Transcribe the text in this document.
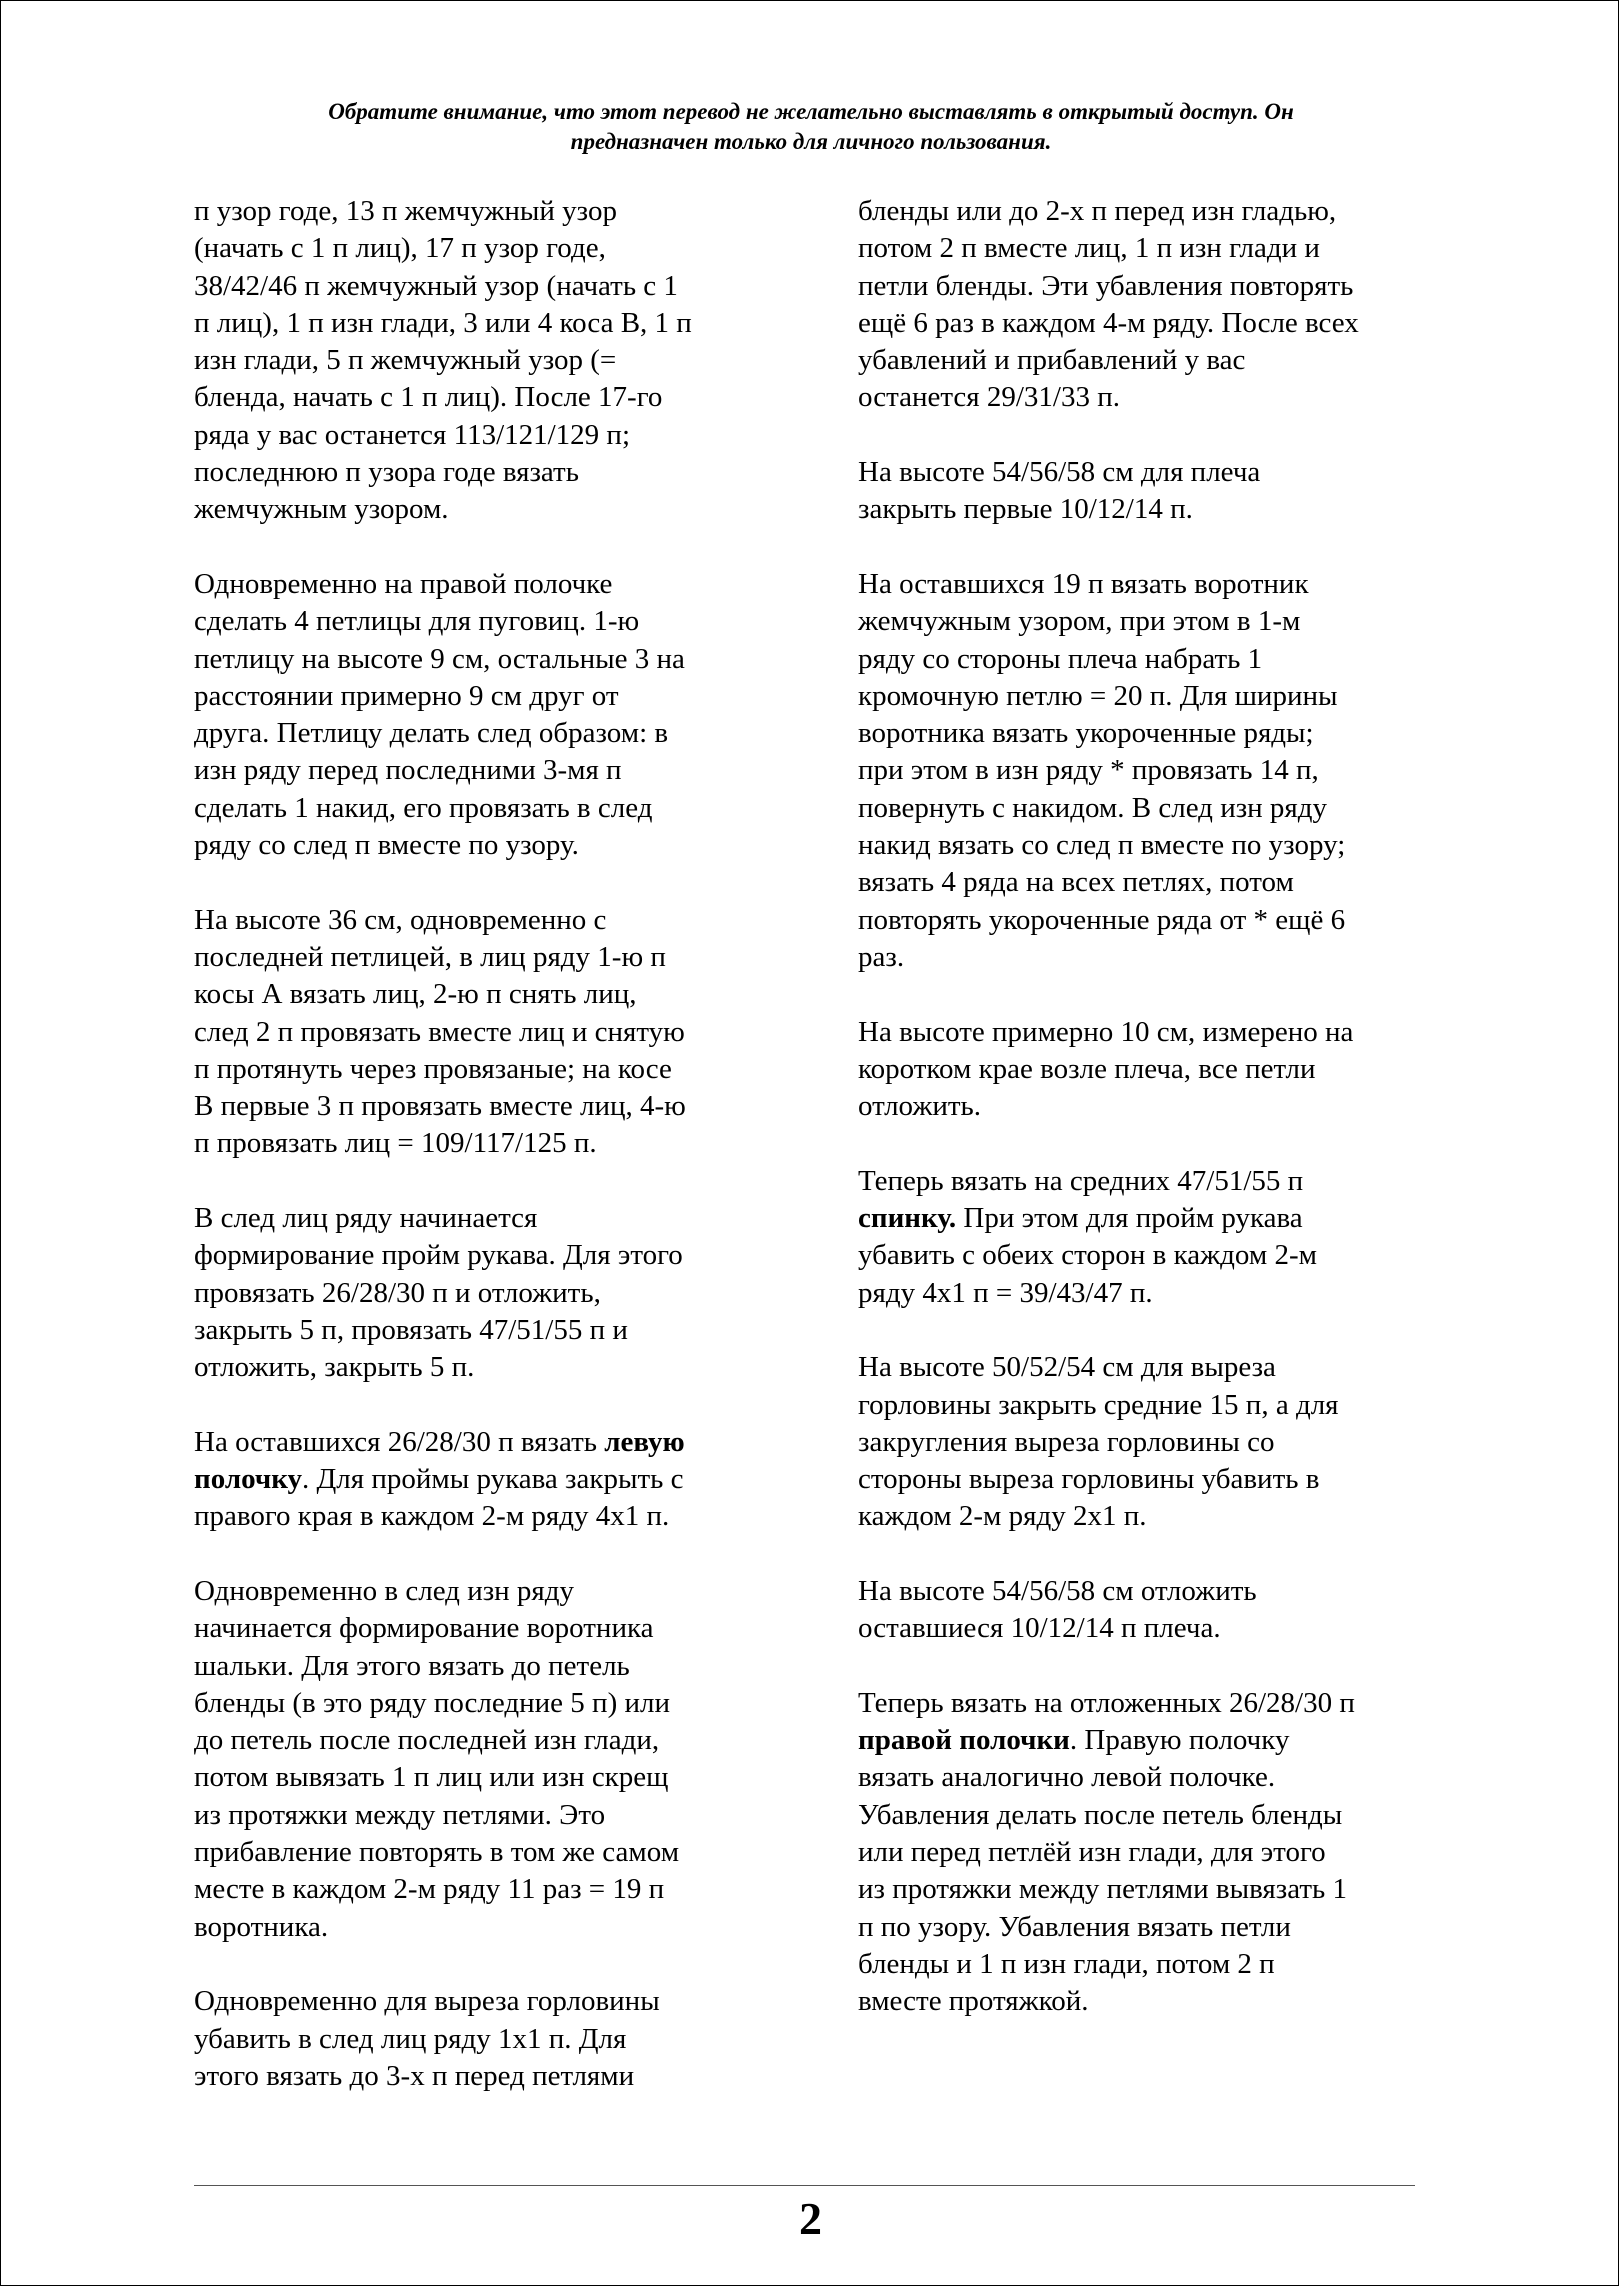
Обратите внимание, что этот перевод не желательно выставлять в открытый доступ. Он
предназначен только для личного пользования.

п узор годе, 13 п жемчужный узор
(начать с 1 п лиц), 17 п узор годе,
38/42/46 п жемчужный узор (начать с 1
п лиц), 1 п изн глади, 3 или 4 коса В, 1 п
изн глади, 5 п жемчужный узор (=
бленда, начать с 1 п лиц). После 17-го
ряда у вас останется 113/121/129 п;
последнюю п узора годе вязать
жемчужным узором.

Одновременно на правой полочке
сделать 4 петлицы для пуговиц. 1-ю
петлицу на высоте 9 см, остальные 3 на
расстоянии примерно 9 см друг от
друга. Петлицу делать след образом: в
изн ряду перед последними 3-мя п
сделать 1 накид, его провязать в след
ряду со след п вместе по узору.

На высоте 36 см, одновременно с
последней петлицей, в лиц ряду 1-ю п
косы А вязать лиц, 2-ю п снять лиц,
след 2 п провязать вместе лиц и снятую
п протянуть через провязаные; на косе
В первые 3 п провязать вместе лиц, 4-ю
п провязать лиц = 109/117/125 п.

В след лиц ряду начинается
формирование пройм рукава. Для этого
провязать 26/28/30 п и отложить,
закрыть 5 п, провязать 47/51/55 п и
отложить, закрыть 5 п.

На оставшихся 26/28/30 п вязать левую
полочку. Для проймы рукава закрыть с
правого края в каждом 2-м ряду 4х1 п.

Одновременно в след изн ряду
начинается формирование воротника
шальки. Для этого вязать до петель
бленды (в это ряду последние 5 п) или
до петель после последней изн глади,
потом вывязать 1 п лиц или изн скрещ
из протяжки между петлями. Это
прибавление повторять в том же самом
месте в каждом 2-м ряду 11 раз = 19 п
воротника.

Одновременно для выреза горловины
убавить в след лиц ряду 1х1 п. Для
этого вязать до 3-х п перед петлями

бленды или до 2-х п перед изн гладью,
потом 2 п вместе лиц, 1 п изн глади и
петли бленды. Эти убавления повторять
ещё 6 раз в каждом 4-м ряду. После всех
убавлений и прибавлений у вас
останется 29/31/33 п.

На высоте 54/56/58 см для плеча
закрыть первые 10/12/14 п.

На оставшихся 19 п вязать воротник
жемчужным узором, при этом в 1-м
ряду со стороны плеча набрать 1
кромочную петлю = 20 п. Для ширины
воротника вязать укороченные ряды;
при этом в изн ряду * провязать 14 п,
повернуть с накидом. В след изн ряду
накид вязать со след п вместе по узору;
вязать 4 ряда на всех петлях, потом
повторять укороченные ряда от * ещё 6
раз.

На высоте примерно 10 см, измерено на
коротком крае возле плеча, все петли
отложить.

Теперь вязать на средних 47/51/55 п
спинку. При этом для пройм рукава
убавить с обеих сторон в каждом 2-м
ряду 4х1 п = 39/43/47 п.

На высоте 50/52/54 см для выреза
горловины закрыть средние 15 п, а для
закругления выреза горловины со
стороны выреза горловины убавить в
каждом 2-м ряду 2х1 п.

На высоте 54/56/58 см отложить
оставшиеся 10/12/14 п плеча.

Теперь вязать на отложенных 26/28/30 п
правой полочки. Правую полочку
вязать аналогично левой полочке.
Убавления делать после петель бленды
или перед петлёй изн глади, для этого
из протяжки между петлями вывязать 1
п по узору. Убавления вязать петли
бленды и 1 п изн глади, потом 2 п
вместе протяжкой.

2
